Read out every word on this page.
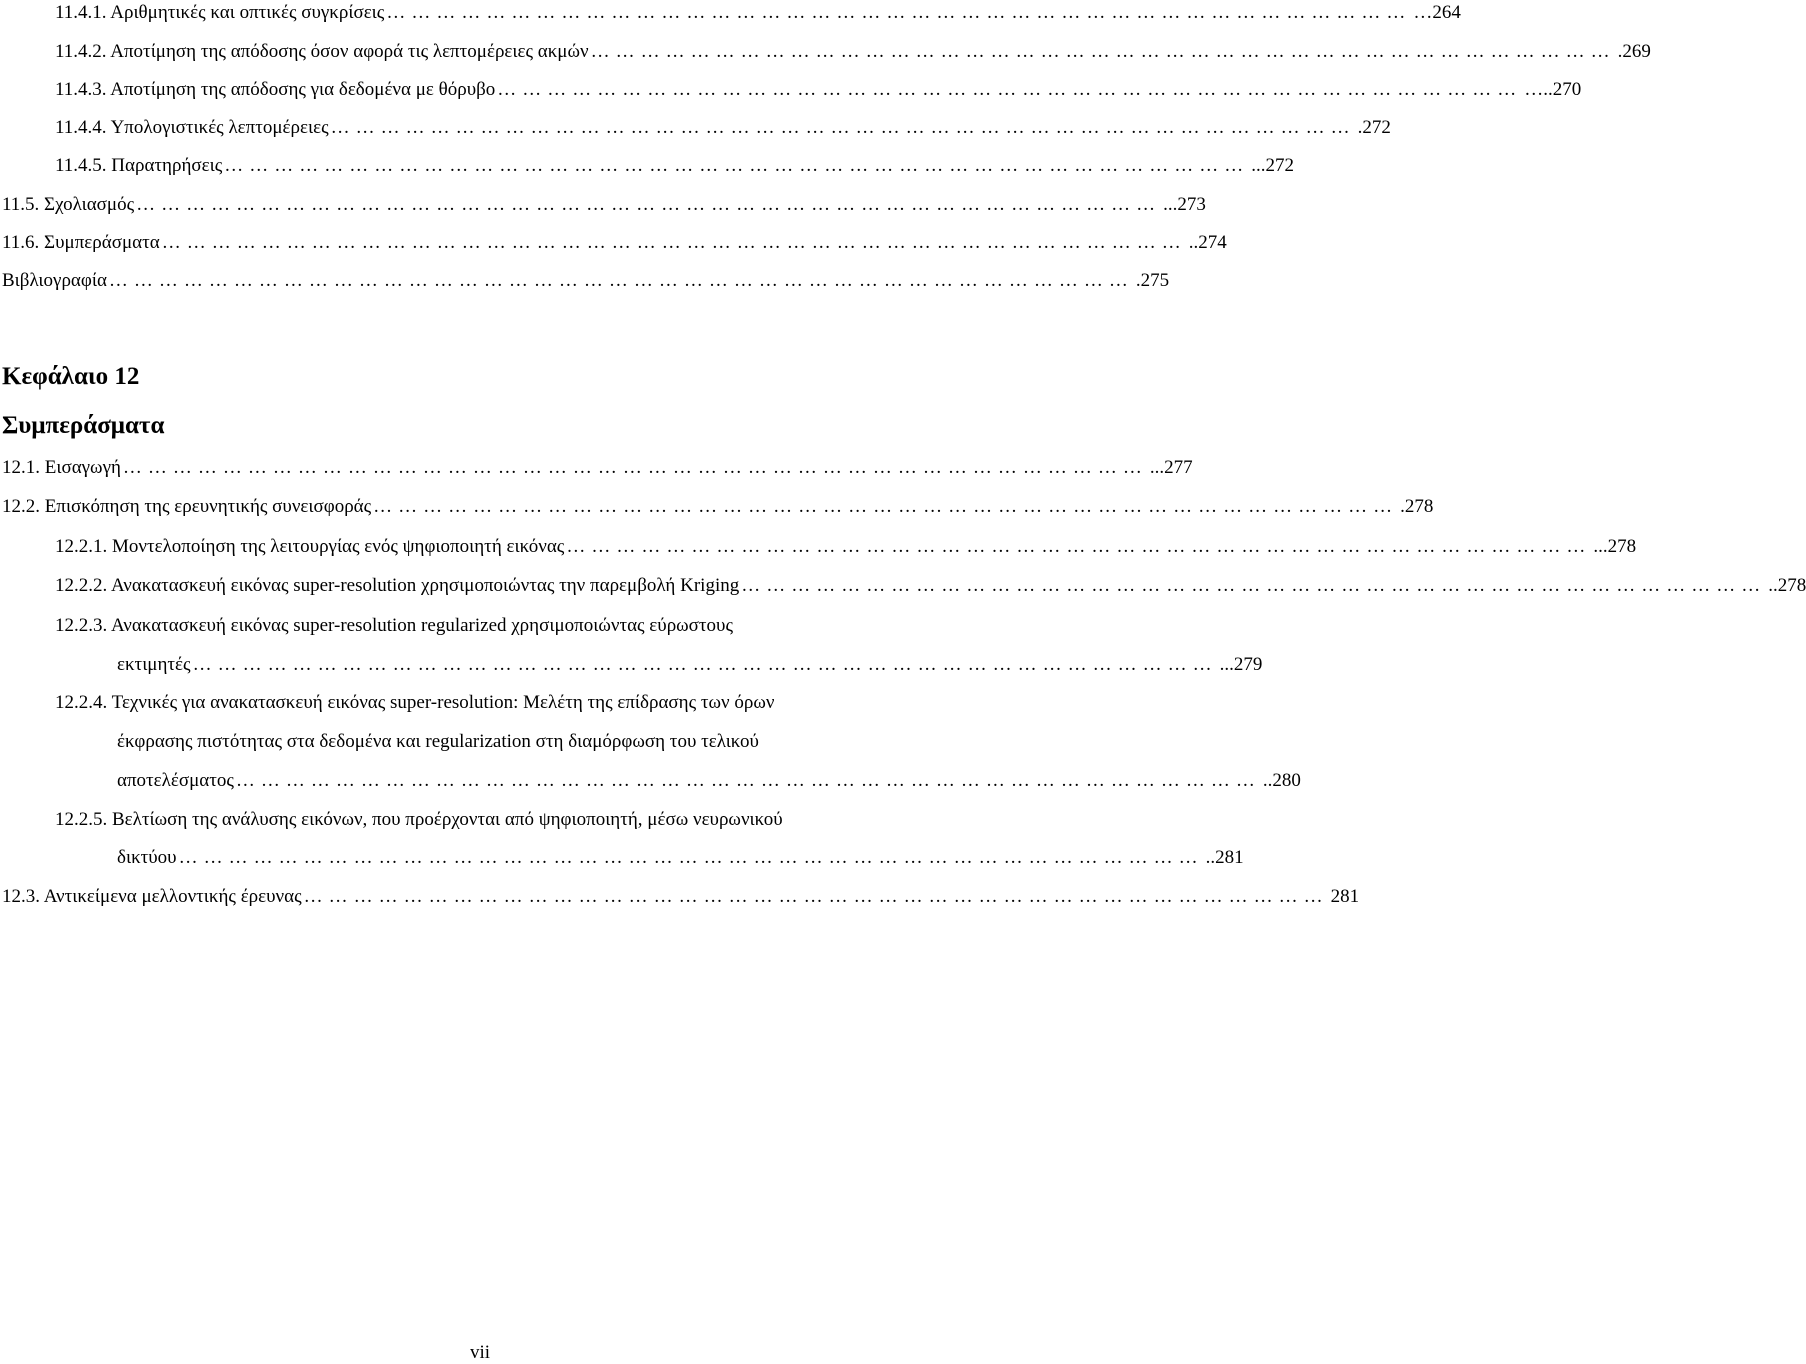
11.4.1. Αριθμητικές και οπτικές συγκρίσεις …………………………………………………………………………………………………………… …264
11.4.2. Αποτίμηση της απόδοσης όσον αφορά τις λεπτομέρειες ακμών …………………………………………………………………………………………………………… .269
11.4.3. Αποτίμηση της απόδοσης για δεδομένα με θόρυβο …………………………………………………………………………………………………………… …..270
11.4.4. Υπολογιστικές λεπτομέρειες …………………………………………………………………………………………………………… .272
11.4.5. Παρατηρήσεις …………………………………………………………………………………………………………… ...272
11.5. Σχολιασμός …………………………………………………………………………………………………………… ...273
11.6. Συμπεράσματα …………………………………………………………………………………………………………… ..274
Βιβλιογραφία …………………………………………………………………………………………………………… .275
Κεφάλαιο 12
Συμπεράσματα
12.1. Εισαγωγή …………………………………………………………………………………………………………… ...277
12.2. Επισκόπηση της ερευνητικής συνεισφοράς …………………………………………………………………………………………………………… .278
12.2.1. Μοντελοποίηση της λειτουργίας ενός ψηφιοποιητή εικόνας …………………………………………………………………………………………………………… ...278
12.2.2. Ανακατασκευή εικόνας super-resolution χρησιμοποιώντας την παρεμβολή Kriging …………………………………………………………………………………………………………… ..278
12.2.3. Ανακατασκευή εικόνας super-resolution regularized χρησιμοποιώντας εύρωστους
εκτιμητές …………………………………………………………………………………………………………… ...279
12.2.4. Τεχνικές για ανακατασκευή εικόνας super-resolution: Μελέτη της επίδρασης των όρων
έκφρασης πιστότητας στα δεδομένα και regularization στη διαμόρφωση του τελικού
αποτελέσματος …………………………………………………………………………………………………………… ..280
12.2.5. Βελτίωση της ανάλυσης εικόνων, που προέρχονται από ψηφιοποιητή, μέσω νευρωνικού
δικτύου …………………………………………………………………………………………………………… ..281
12.3. Αντικείμενα μελλοντικής έρευνας …………………………………………………………………………………………………………… 281
vii
